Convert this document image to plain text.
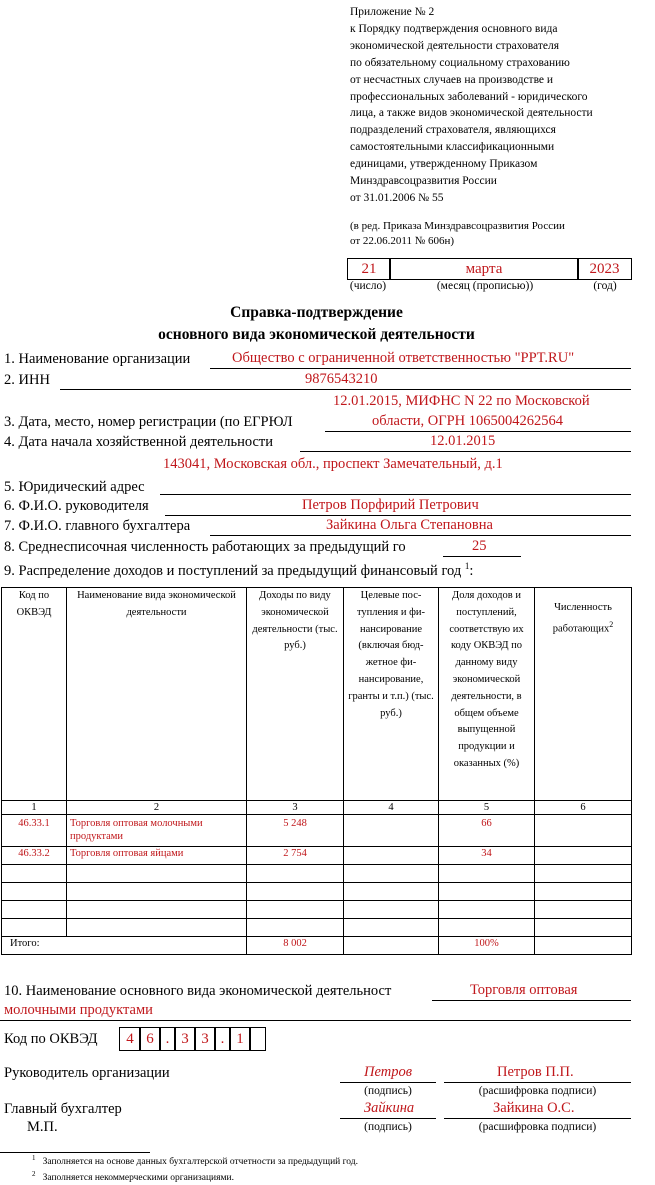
Приложение № 2
к Порядку подтверждения основного вида
экономической деятельности страхователя
по обязательному социальному страхованию
от несчастных случаев на производстве и
профессиональных заболеваний - юридического
лица, а также видов экономической деятельности
подразделений страхователя, являющихся
самостоятельными классификационными
единицами, утвержденному Приказом
Минздравсоцразвития России
от 31.01.2006 № 55
(в ред. Приказа Минздравсоцразвития России
от 22.06.2011 № 606н)
21	марта	2023
(число)	(месяц (прописью))	(год)
Справка-подтверждение
основного вида экономической деятельности
1. Наименование организации	Общество с ограниченной ответственностью "PPT.RU"
2. ИНН	9876543210
12.01.2015, МИФНС N 22 по Московской
3. Дата, место, номер регистрации (по ЕГРЮЛ	области, ОГРН 1065004262564
4. Дата начала хозяйственной деятельности	12.01.2015
143041, Московская обл., проспект Замечательный, д.1
5. Юридический адрес
6. Ф.И.О. руководителя	Петров Порфирий Петрович
7. Ф.И.О. главного бухгалтера	Зайкина Ольга Степановна
8. Среднесписочная численность работающих за предыдущий го	25
9. Распределение доходов и поступлений за предыдущий финансовый год $^1$:
Код по ОКВЭД	Наименование вида экономической деятельности	Доходы по виду экономической деятельности (тыс. руб.)	Целевые пос-тупления и фи-нансирование (включая бюд-жетное фи-нансирование, гранты и т.п.) (тыс. руб.)	Доля доходов и поступлений, соответствую их коду ОКВЭД по данному виду экономической деятельности, в общем объеме выпущенной продукции и оказанных (%)	Численность работающих$^2$

1	2	3	4	5	6
46.33.1	Торговля оптовая молочными продуктами	5 248		66	
46.33.2	Торговля оптовая яйцами	2 754		34	

Итого:		8 002		100%	
10. Наименование основного вида экономической деятельност	Торговля оптовая
молочными продуктами
Код по ОКВЭД	4 6 . 3 3 . 1
Руководитель организации	Петров	Петров П.П.
(подпись)	(расшифровка подписи)
Главный бухгалтер	Зайкина	Зайкина О.С.
М.П.	(подпись)	(расшифровка подписи)
$^1$ Заполняется на основе данных бухгалтерской отчетности за предыдущий год.
$^2$ Заполняется некоммерческими организациями.
